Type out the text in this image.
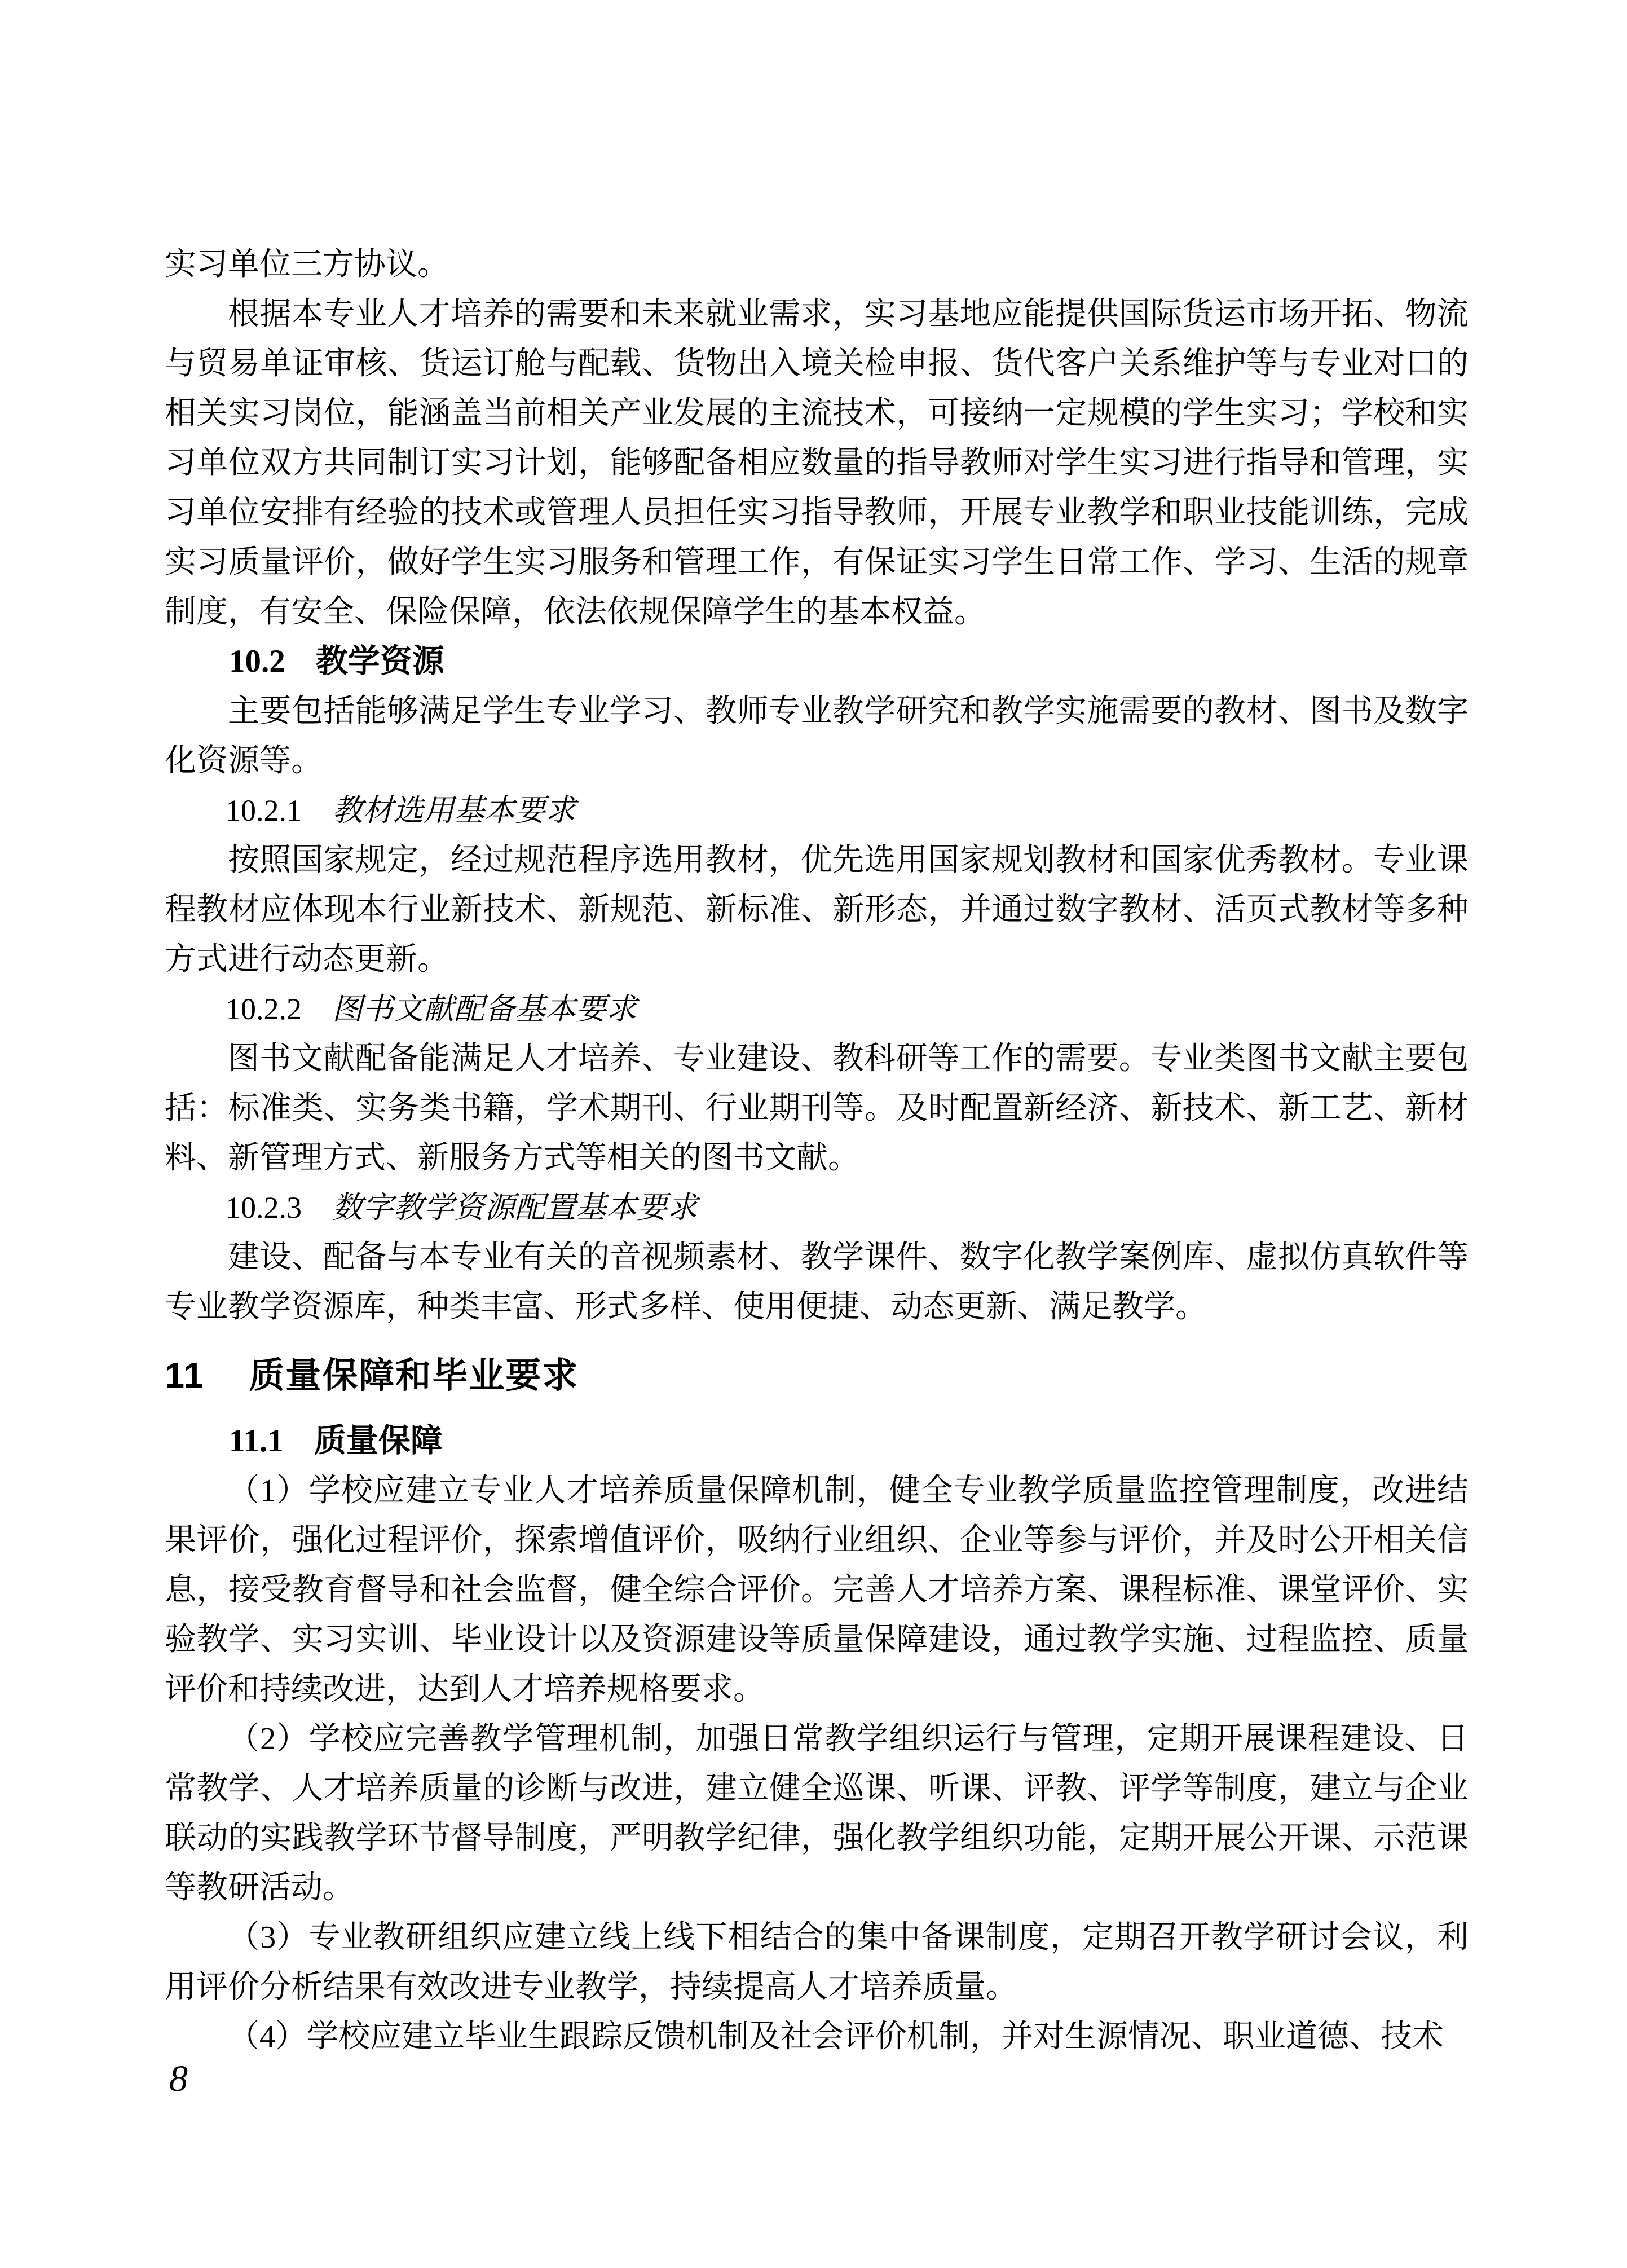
实习单位三方协议。

根据本专业人才培养的需要和未来就业需求，实习基地应能提供国际货运市场开拓、物流与贸易单证审核、货运订舱与配载、货物出入境关检申报、货代客户关系维护等与专业对口的相关实习岗位，能涵盖当前相关产业发展的主流技术，可接纳一定规模的学生实习；学校和实习单位双方共同制订实习计划，能够配备相应数量的指导教师对学生实习进行指导和管理，实习单位安排有经验的技术或管理人员担任实习指导教师，开展专业教学和职业技能训练，完成实习质量评价，做好学生实习服务和管理工作，有保证实习学生日常工作、学习、生活的规章制度，有安全、保险保障，依法依规保障学生的基本权益。

10.2 教学资源

主要包括能够满足学生专业学习、教师专业教学研究和教学实施需要的教材、图书及数字化资源等。

10.2.1 教材选用基本要求

按照国家规定，经过规范程序选用教材，优先选用国家规划教材和国家优秀教材。专业课程教材应体现本行业新技术、新规范、新标准、新形态，并通过数字教材、活页式教材等多种方式进行动态更新。

10.2.2 图书文献配备基本要求

图书文献配备能满足人才培养、专业建设、教科研等工作的需要。专业类图书文献主要包括：标准类、实务类书籍，学术期刊、行业期刊等。及时配置新经济、新技术、新工艺、新材料、新管理方式、新服务方式等相关的图书文献。

10.2.3 数字教学资源配置基本要求

建设、配备与本专业有关的音视频素材、教学课件、数字化教学案例库、虚拟仿真软件等专业教学资源库，种类丰富、形式多样、使用便捷、动态更新、满足教学。

11 质量保障和毕业要求
11.1 质量保障

（1）学校应建立专业人才培养质量保障机制，健全专业教学质量监控管理制度，改进结果评价，强化过程评价，探索增值评价，吸纳行业组织、企业等参与评价，并及时公开相关信息，接受教育督导和社会监督，健全综合评价。完善人才培养方案、课程标准、课堂评价、实验教学、实习实训、毕业设计以及资源建设等质量保障建设，通过教学实施、过程监控、质量评价和持续改进，达到人才培养规格要求。

（2）学校应完善教学管理机制，加强日常教学组织运行与管理，定期开展课程建设、日常教学、人才培养质量的诊断与改进，建立健全巡课、听课、评教、评学等制度，建立与企业联动的实践教学环节督导制度，严明教学纪律，强化教学组织功能，定期开展公开课、示范课等教研活动。

（3）专业教研组织应建立线上线下相结合的集中备课制度，定期召开教学研讨会议，利用评价分析结果有效改进专业教学，持续提高人才培养质量。

（4）学校应建立毕业生跟踪反馈机制及社会评价机制，并对生源情况、职业道德、技术

8
